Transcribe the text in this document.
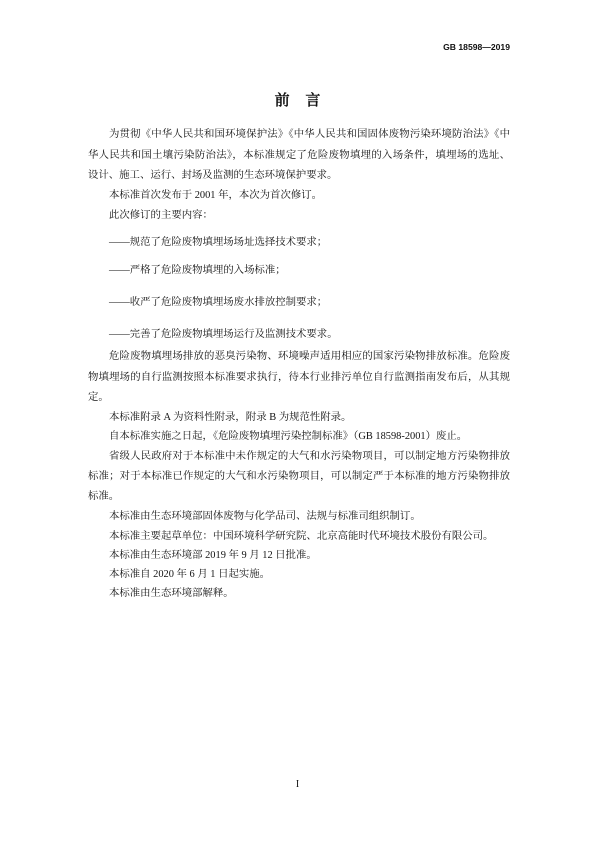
GB 18598—2019
前 言
为贯彻《中华人民共和国环境保护法》《中华人民共和国固体废物污染环境防治法》《中
华人民共和国土壤污染防治法》，本标准规定了危险废物填埋的入场条件，填埋场的选址、
设计、施工、运行、封场及监测的生态环境保护要求。
本标准首次发布于 2001 年，本次为首次修订。
此次修订的主要内容：
——规范了危险废物填埋场场址选择技术要求；
——严格了危险废物填埋的入场标准；
——收严了危险废物填埋场废水排放控制要求；
——完善了危险废物填埋场运行及监测技术要求。
危险废物填埋场排放的恶臭污染物、环境噪声适用相应的国家污染物排放标准。危险废
物填埋场的自行监测按照本标准要求执行，待本行业排污单位自行监测指南发布后，从其规
定。
本标准附录 A 为资料性附录，附录 B 为规范性附录。
自本标准实施之日起，《危险废物填埋污染控制标准》（GB 18598-2001）废止。
省级人民政府对于本标准中未作规定的大气和水污染物项目，可以制定地方污染物排放
标准；对于本标准已作规定的大气和水污染物项目，可以制定严于本标准的地方污染物排放
标准。
本标准由生态环境部固体废物与化学品司、法规与标准司组织制订。
本标准主要起草单位：中国环境科学研究院、北京高能时代环境技术股份有限公司。
本标准由生态环境部 2019 年 9 月 12 日批准。
本标准自 2020 年 6 月 1 日起实施。
本标准由生态环境部解释。
I
